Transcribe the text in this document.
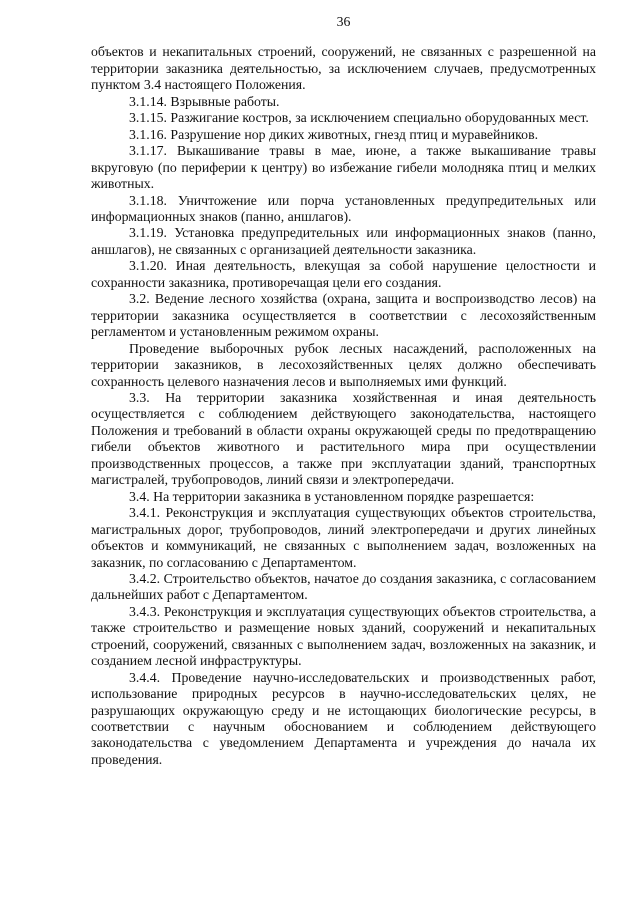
36

объектов и некапитальных строений, сооружений, не связанных с разрешенной на территории заказника деятельностью, за исключением случаев, предусмотренных пунктом 3.4 настоящего Положения.

3.1.14. Взрывные работы.

3.1.15. Разжигание костров, за исключением специально оборудованных мест.

3.1.16. Разрушение нор диких животных, гнезд птиц и муравейников.

3.1.17. Выкашивание травы в мае, июне, а также выкашивание травы вкруговую (по периферии к центру) во избежание гибели молодняка птиц и мелких животных.

3.1.18. Уничтожение или порча установленных предупредительных или информационных знаков (панно, аншлагов).

3.1.19. Установка предупредительных или информационных знаков (панно, аншлагов), не связанных с организацией деятельности заказника.

3.1.20. Иная деятельность, влекущая за собой нарушение целостности и сохранности заказника, противоречащая цели его создания.

3.2. Ведение лесного хозяйства (охрана, защита и воспроизводство лесов) на территории заказника осуществляется в соответствии с лесохозяйственным регламентом и установленным режимом охраны.

Проведение выборочных рубок лесных насаждений, расположенных на территории заказников, в лесохозяйственных целях должно обеспечивать сохранность целевого назначения лесов и выполняемых ими функций.

3.3. На территории заказника хозяйственная и иная деятельность осуществляется с соблюдением действующего законодательства, настоящего Положения и требований в области охраны окружающей среды по предотвращению гибели объектов животного и растительного мира при осуществлении производственных процессов, а также при эксплуатации зданий, транспортных магистралей, трубопроводов, линий связи и электропередачи.

3.4. На территории заказника в установленном порядке разрешается:

3.4.1. Реконструкция и эксплуатация существующих объектов строительства, магистральных дорог, трубопроводов, линий электропередачи и других линейных объектов и коммуникаций, не связанных с выполнением задач, возложенных на заказник, по согласованию с Департаментом.

3.4.2. Строительство объектов, начатое до создания заказника, с согласованием дальнейших работ с Департаментом.

3.4.3. Реконструкция и эксплуатация существующих объектов строительства, а также строительство и размещение новых зданий, сооружений и некапитальных строений, сооружений, связанных с выполнением задач, возложенных на заказник, и созданием лесной инфраструктуры.

3.4.4. Проведение научно-исследовательских и производственных работ, использование природных ресурсов в научно-исследовательских целях, не разрушающих окружающую среду и не истощающих биологические ресурсы, в соответствии с научным обоснованием и соблюдением действующего законодательства с уведомлением Департамента и учреждения до начала их проведения.
